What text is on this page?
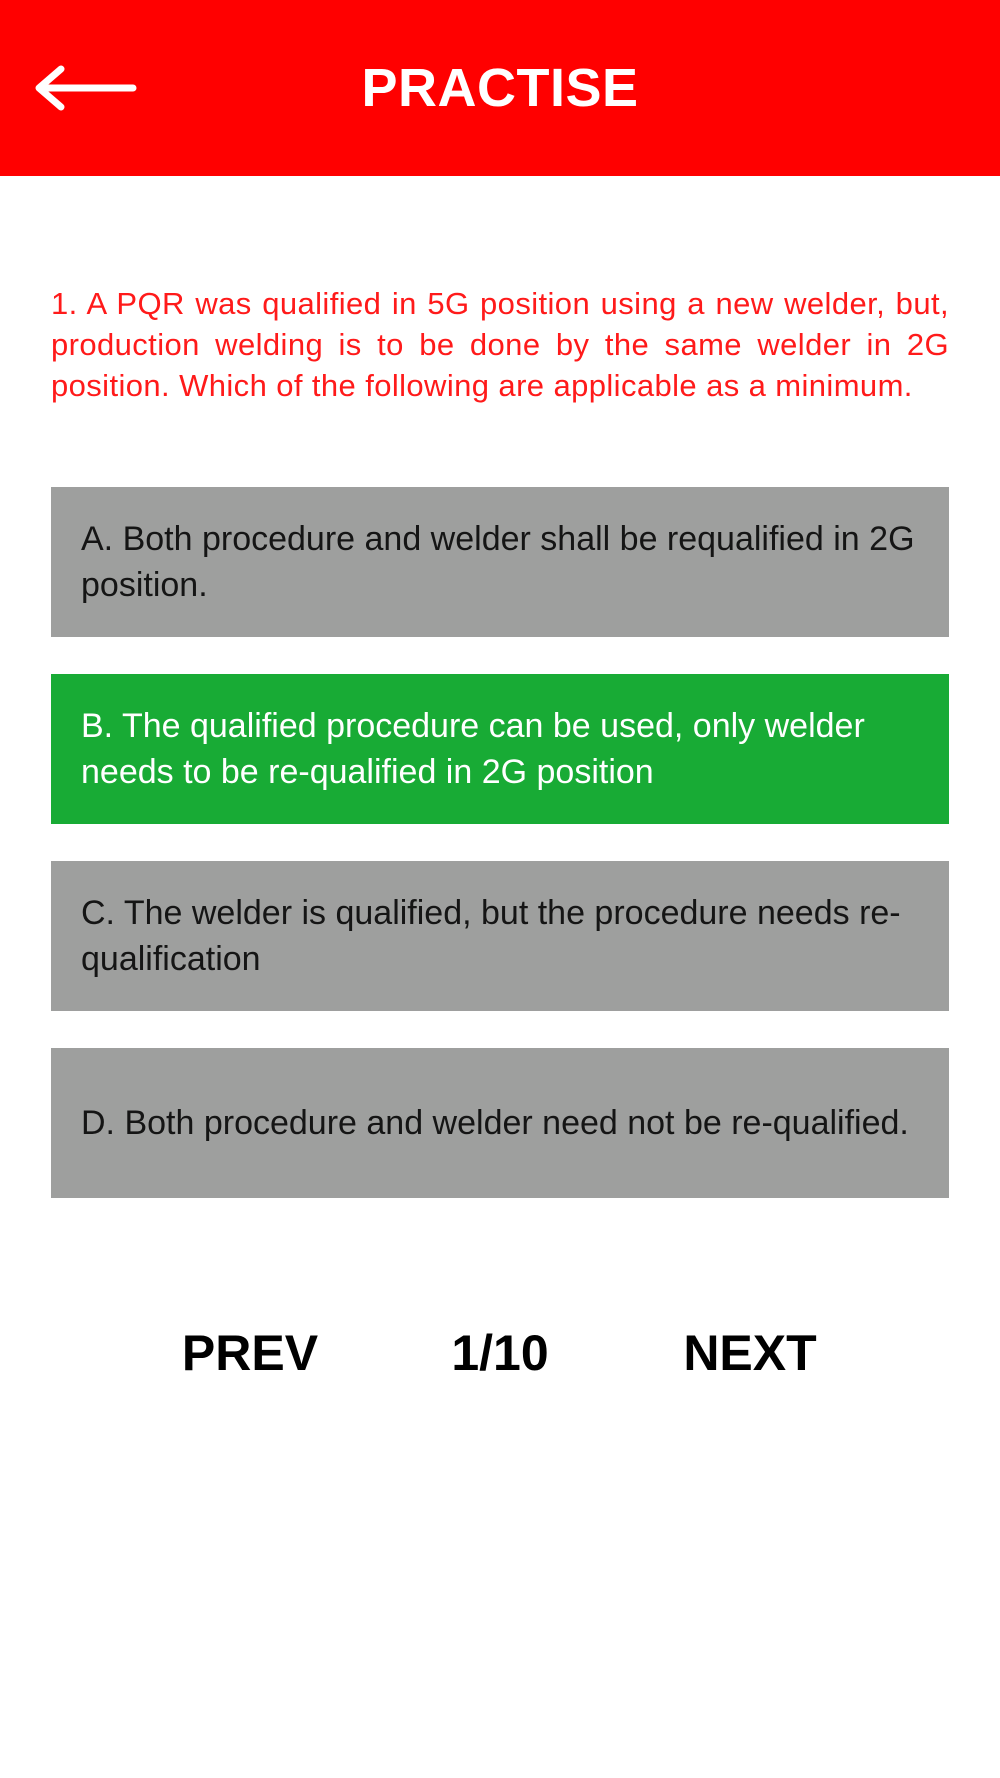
PRACTISE
1. A PQR was qualified in 5G position using a new welder, but, production welding is to be done by the same welder in 2G position. Which of the following are applicable as a minimum.
A. Both procedure and welder shall be requalified in 2G position.
B. The qualified procedure can be used, only welder needs to be re-qualified in 2G position
C. The welder is qualified, but the procedure needs re-qualification
D. Both procedure and welder need not be re-qualified.
PREV	1/10	NEXT
